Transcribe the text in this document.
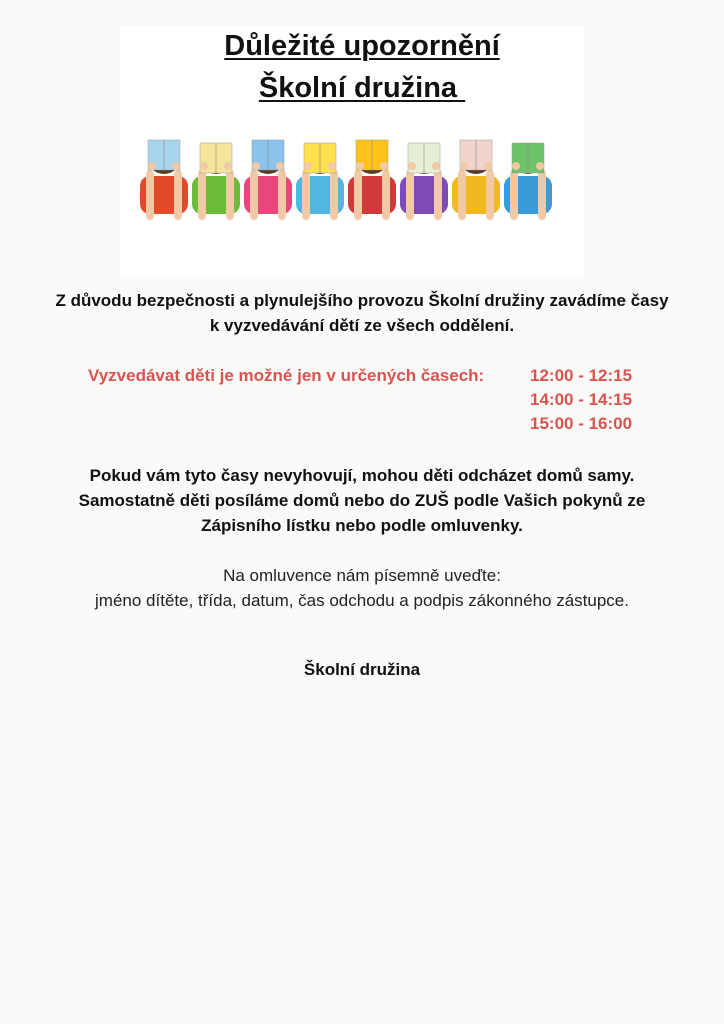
Důležité upozornění
Školní družina
Z důvodu bezpečnosti a plynulejšího provozu Školní družiny zavádíme časy
k vyzvedávání dětí ze všech oddělení.
Vyzvedávat děti je možné jen v určených časech:	12:00 - 12:15
14:00 - 14:15
15:00 - 16:00
Pokud vám tyto časy nevyhovují, mohou děti odcházet domů samy.
Samostatně děti posíláme domů nebo do ZUŠ podle Vašich pokynů ze
Zápisního lístku nebo podle omluvenky.
Na omluvence nám písemně uveďte:
jméno dítěte, třída, datum, čas odchodu a podpis zákonného zástupce.
Školní družina
